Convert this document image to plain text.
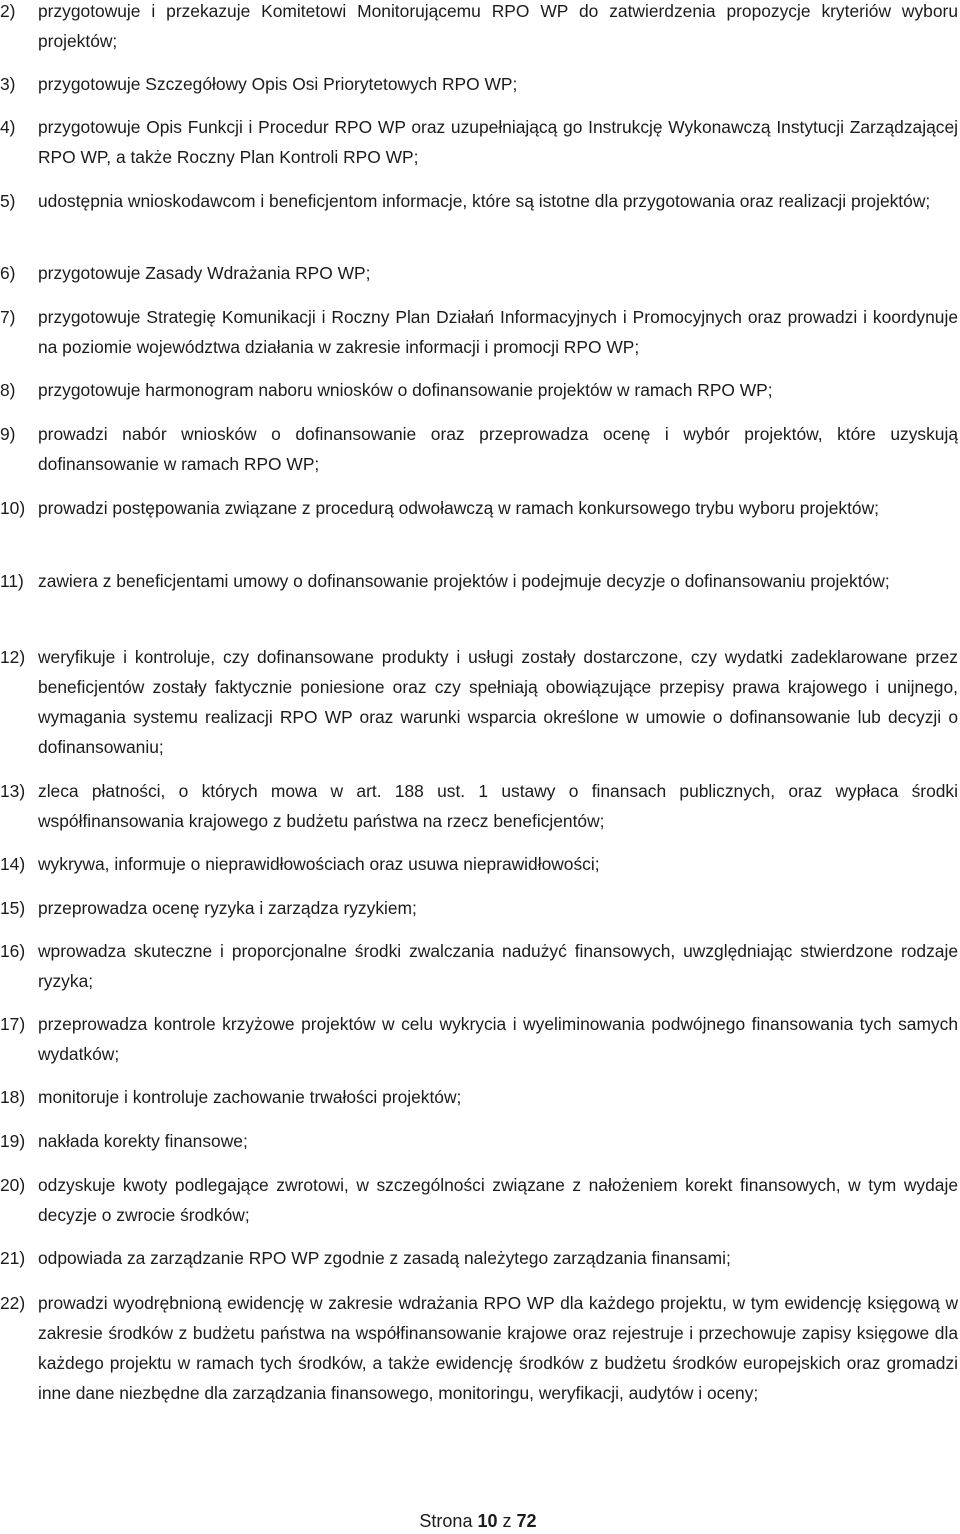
2) przygotowuje i przekazuje Komitetowi Monitorującemu RPO WP do zatwierdzenia propozycje kryteriów wyboru projektów;
3) przygotowuje Szczegółowy Opis Osi Priorytetowych RPO WP;
4) przygotowuje Opis Funkcji i Procedur RPO WP oraz uzupełniającą go Instrukcję Wykonawczą Instytucji Zarządzającej RPO WP, a także Roczny Plan Kontroli RPO WP;
5) udostępnia wnioskodawcom i beneficjentom informacje, które są istotne dla przygotowania oraz realizacji projektów;
6) przygotowuje Zasady Wdrażania RPO WP;
7) przygotowuje Strategię Komunikacji i Roczny Plan Działań Informacyjnych i Promocyjnych oraz prowadzi i koordynuje na poziomie województwa działania w zakresie informacji i promocji RPO WP;
8) przygotowuje harmonogram naboru wniosków o dofinansowanie projektów w ramach RPO WP;
9) prowadzi nabór wniosków o dofinansowanie oraz przeprowadza ocenę i wybór projektów, które uzyskują dofinansowanie w ramach RPO WP;
10) prowadzi postępowania związane z procedurą odwoławczą w ramach konkursowego trybu wyboru projektów;
11) zawiera z beneficjentami umowy o dofinansowanie projektów i podejmuje decyzje o dofinansowaniu projektów;
12) weryfikuje i kontroluje, czy dofinansowane produkty i usługi zostały dostarczone, czy wydatki zadeklarowane przez beneficjentów zostały faktycznie poniesione oraz czy spełniają obowiązujące przepisy prawa krajowego i unijnego, wymagania systemu realizacji RPO WP oraz warunki wsparcia określone w umowie o dofinansowanie lub decyzji o dofinansowaniu;
13) zleca płatności, o których mowa w art. 188 ust. 1 ustawy o finansach publicznych, oraz wypłaca środki współfinansowania krajowego z budżetu państwa na rzecz beneficjentów;
14) wykrywa, informuje o nieprawidłowościach oraz usuwa nieprawidłowości;
15) przeprowadza ocenę ryzyka i zarządza ryzykiem;
16) wprowadza skuteczne i proporcjonalne środki zwalczania nadużyć finansowych, uwzględniając stwierdzone rodzaje ryzyka;
17) przeprowadza kontrole krzyżowe projektów w celu wykrycia i wyeliminowania podwójnego finansowania tych samych wydatków;
18) monitoruje i kontroluje zachowanie trwałości projektów;
19) nakłada korekty finansowe;
20) odzyskuje kwoty podlegające zwrotowi, w szczególności związane z nałożeniem korekt finansowych, w tym wydaje decyzje o zwrocie środków;
21) odpowiada za zarządzanie RPO WP zgodnie z zasadą należytego zarządzania finansami;
22) prowadzi wyodrębnioną ewidencję w zakresie wdrażania RPO WP dla każdego projektu, w tym ewidencję księgową w zakresie środków z budżetu państwa na współfinansowanie krajowe oraz rejestruje i przechowuje zapisy księgowe dla każdego projektu w ramach tych środków, a także ewidencję środków z budżetu środków europejskich oraz gromadzi inne dane niezbędne dla zarządzania finansowego, monitoringu, weryfikacji, audytów i oceny;
Strona 10 z 72
